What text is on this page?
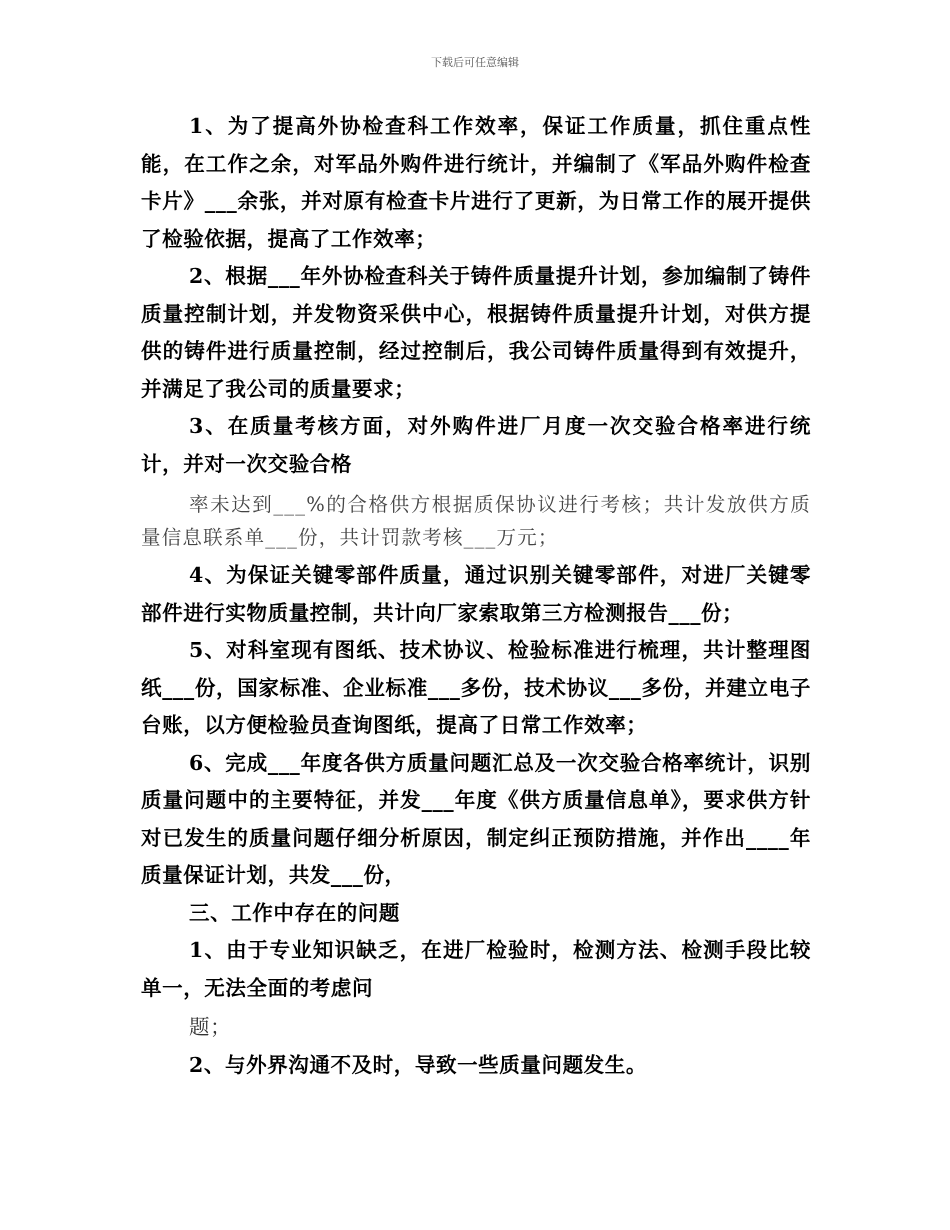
下载后可任意编辑

1、为了提高外协检查科工作效率，保证工作质量，抓住重点性能，在工作之余，对军品外购件进行统计，并编制了《军品外购件检查卡片》___余张，并对原有检查卡片进行了更新，为日常工作的展开提供了检验依据，提高了工作效率；

2、根据___年外协检查科关于铸件质量提升计划，参加编制了铸件质量控制计划，并发物资采供中心，根据铸件质量提升计划，对供方提供的铸件进行质量控制，经过控制后，我公司铸件质量得到有效提升，并满足了我公司的质量要求；

3、在质量考核方面，对外购件进厂月度一次交验合格率进行统计，并对一次交验合格

率未达到___%的合格供方根据质保协议进行考核；共计发放供方质量信息联系单___份，共计罚款考核___万元；

4、为保证关键零部件质量，通过识别关键零部件，对进厂关键零部件进行实物质量控制，共计向厂家索取第三方检测报告___份；

5、对科室现有图纸、技术协议、检验标准进行梳理，共计整理图纸___份，国家标准、企业标准___多份，技术协议___多份，并建立电子台账，以方便检验员查询图纸，提高了日常工作效率；

6、完成___年度各供方质量问题汇总及一次交验合格率统计，识别质量问题中的主要特征，并发___年度《供方质量信息单》，要求供方针对已发生的质量问题仔细分析原因，制定纠正预防措施，并作出____年质量保证计划，共发___份，

三、工作中存在的问题

1、由于专业知识缺乏，在进厂检验时，检测方法、检测手段比较单一，无法全面的考虑问

题；

2、与外界沟通不及时，导致一些质量问题发生。
